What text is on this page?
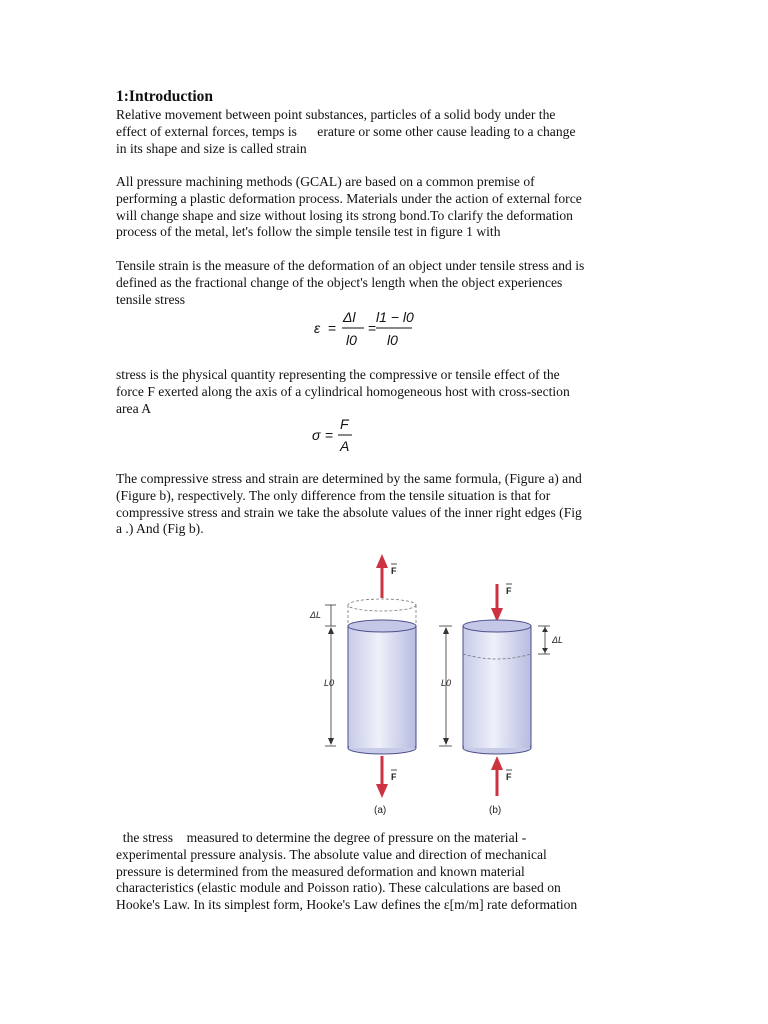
1:Introduction

Relative movement between point substances, particles of a solid body under the
effect of external forces, temps is      erature or some other cause leading to a change
in its shape and size is called strain

All pressure machining methods (GCAL) are based on a common premise of
performing a plastic deformation process. Materials under the action of external force
will change shape and size without losing its strong bond.To clarify the deformation
process of the metal, let's follow the simple tensile test in figure 1 with

Tensile strain is the measure of the deformation of an object under tensile stress and is
defined as the fractional change of the object's length when the object experiences
tensile stress

ε =
Δl
l0
=
l1 − l0
l0

stress is the physical quantity representing the compressive or tensile effect of the
force F exerted along the axis of a cylindrical homogeneous host with cross-section
area A

σ =
F
A

The compressive stress and strain are determined by the same formula, (Figure a) and
(Figure b), respectively. The only difference from the tensile situation is that for
compressive stress and strain we take the absolute values of the inner right edges (Fig
a .) And (Fig b).

F
ΔL
L0
F
(a)
F
ΔL
L0
F
(b)

the stress    measured to determine the degree of pressure on the material -
experimental pressure analysis. The absolute value and direction of mechanical
pressure is determined from the measured deformation and known material
characteristics (elastic module and Poisson ratio). These calculations are based on
Hooke's Law. In its simplest form, Hooke's Law defines the ε[m/m] rate deformation
